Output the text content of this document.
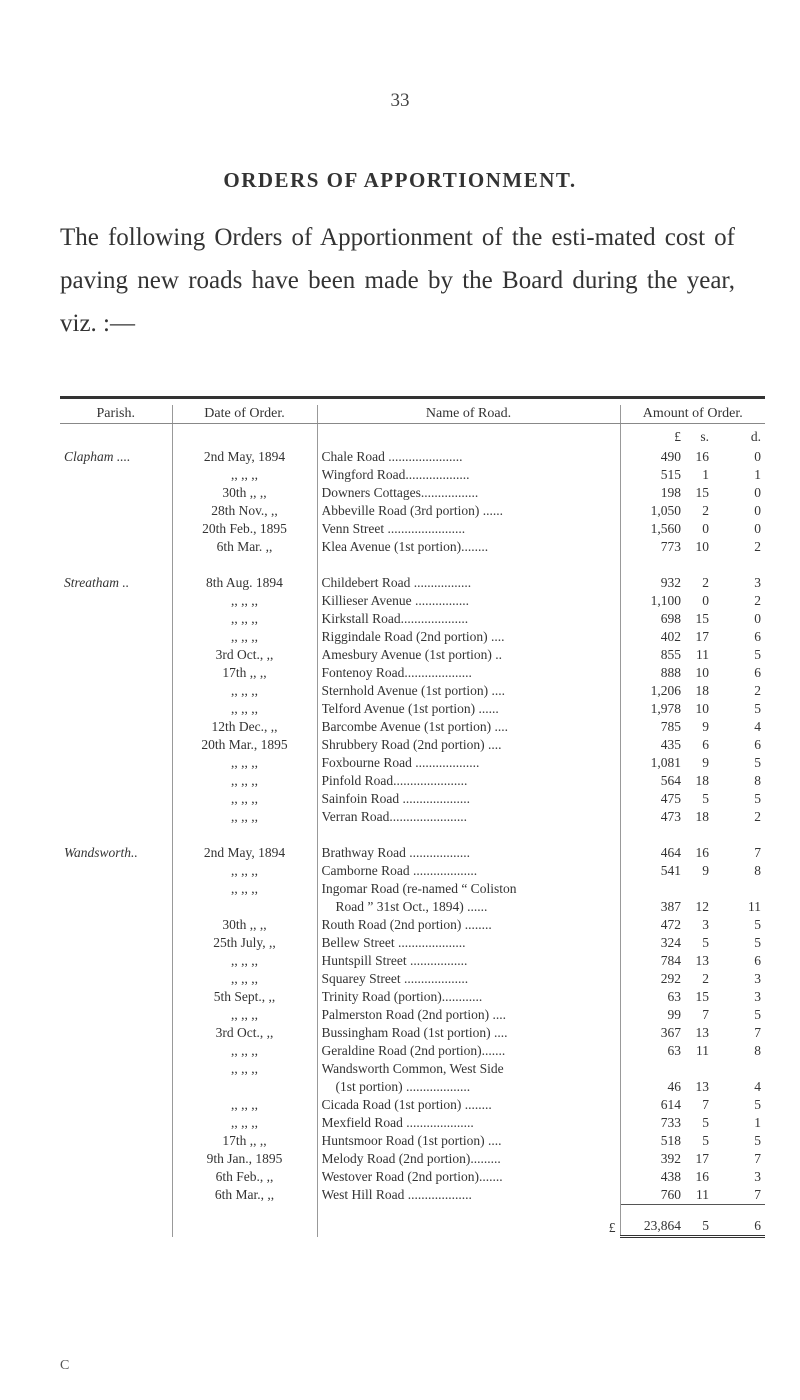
33
ORDERS OF APPORTIONMENT.
The following Orders of Apportionment of the esti-mated cost of paving new roads have been made by the Board during the year, viz. :—
Parish.	Date of Order.	Name of Road.	Amount of Order.		
			£	s.	d.
Clapham ....	2nd May, 1894	Chale Road ......................	490	16	0
	,, ,, ,,	Wingford Road...................	515	1	1
	30th ,, ,,	Downers Cottages.................	198	15	0
	28th Nov., ,,	Abbeville Road (3rd portion) ......	1,050	2	0
	20th Feb., 1895	Venn Street .......................	1,560	0	0
	6th Mar. ,,	Klea Avenue (1st portion)........	773	10	2

Streatham ..	8th Aug. 1894	Childebert Road .................	932	2	3
	,, ,, ,,	Killieser Avenue ................	1,100	0	2
	,, ,, ,,	Kirkstall Road....................	698	15	0
	,, ,, ,,	Riggindale Road (2nd portion) ....	402	17	6
	3rd Oct., ,,	Amesbury Avenue (1st portion) ..	855	11	5
	17th ,, ,,	Fontenoy Road....................	888	10	6
	,, ,, ,,	Sternhold Avenue (1st portion) ....	1,206	18	2
	,, ,, ,,	Telford Avenue (1st portion) ......	1,978	10	5
	12th Dec., ,,	Barcombe Avenue (1st portion) ....	785	9	4
	20th Mar., 1895	Shrubbery Road (2nd portion) ....	435	6	6
	,, ,, ,,	Foxbourne Road ...................	1,081	9	5
	,, ,, ,,	Pinfold Road......................	564	18	8
	,, ,, ,,	Sainfoin Road ....................	475	5	5
	,, ,, ,,	Verran Road.......................	473	18	2

Wandsworth..	2nd May, 1894	Brathway Road ..................	464	16	7
	,, ,, ,,	Camborne Road ...................	541	9	8
	,, ,, ,,	Ingomar Road (re-named “ Coliston
Road ” 31st Oct., 1894) ......	387	12	11
	30th ,, ,,	Routh Road (2nd portion) ........	472	3	5
	25th July, ,,	Bellew Street ....................	324	5	5
	,, ,, ,,	Huntspill Street .................	784	13	6
	,, ,, ,,	Squarey Street ...................	292	2	3
	5th Sept., ,,	Trinity Road (portion)............	63	15	3
	,, ,, ,,	Palmerston Road (2nd portion) ....	99	7	5
	3rd Oct., ,,	Bussingham Road (1st portion) ....	367	13	7
	,, ,, ,,	Geraldine Road (2nd portion).......	63	11	8
	,, ,, ,,	Wandsworth Common, West Side
(1st portion) ...................	46	13	4
	,, ,, ,,	Cicada Road (1st portion) ........	614	7	5
	,, ,, ,,	Mexfield Road ....................	733	5	1
	17th ,, ,,	Huntsmoor Road (1st portion) ....	518	5	5
	9th Jan., 1895	Melody Road (2nd portion).........	392	17	7
	6th Feb., ,,	Westover Road (2nd portion).......	438	16	3
	6th Mar., ,,	West Hill Road ...................	760	11	7
		£	23,864	5	6
C
